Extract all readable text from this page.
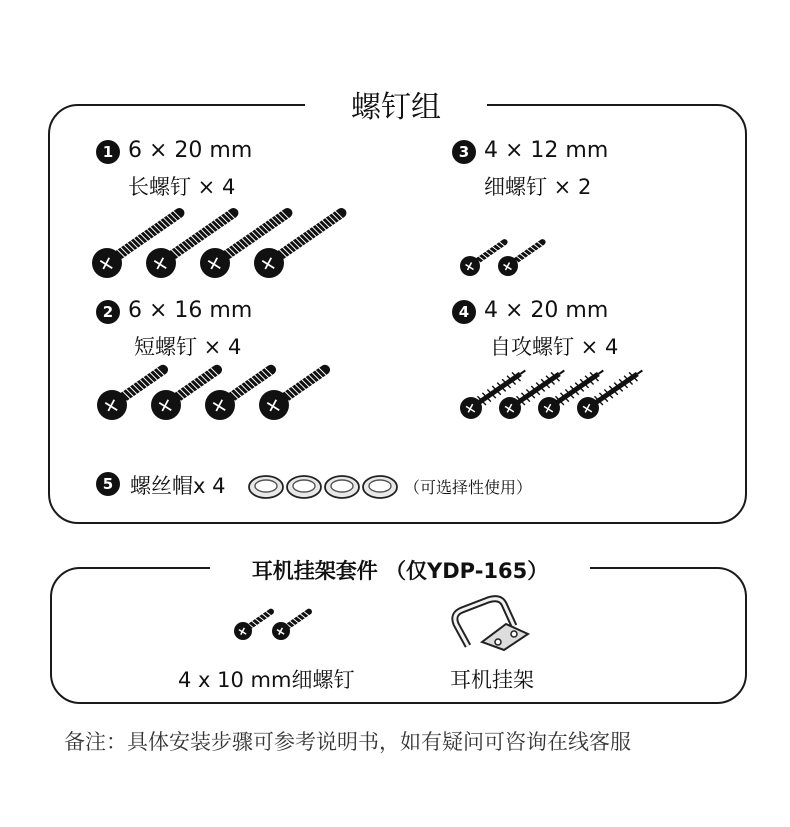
螺钉组
1 6 × 20 mm
长螺钉 × 4
3 4 × 12 mm
细螺钉 × 2
2 6 × 16 mm
短螺钉 × 4
4 4 × 20 mm
自攻螺钉 × 4
5 螺丝帽x 4	（可选择性使用）
耳机挂架套件 （仅YDP-165）
4 x 10 mm细螺钉	耳机挂架
备注：具体安装步骤可参考说明书，如有疑问可咨询在线客服
